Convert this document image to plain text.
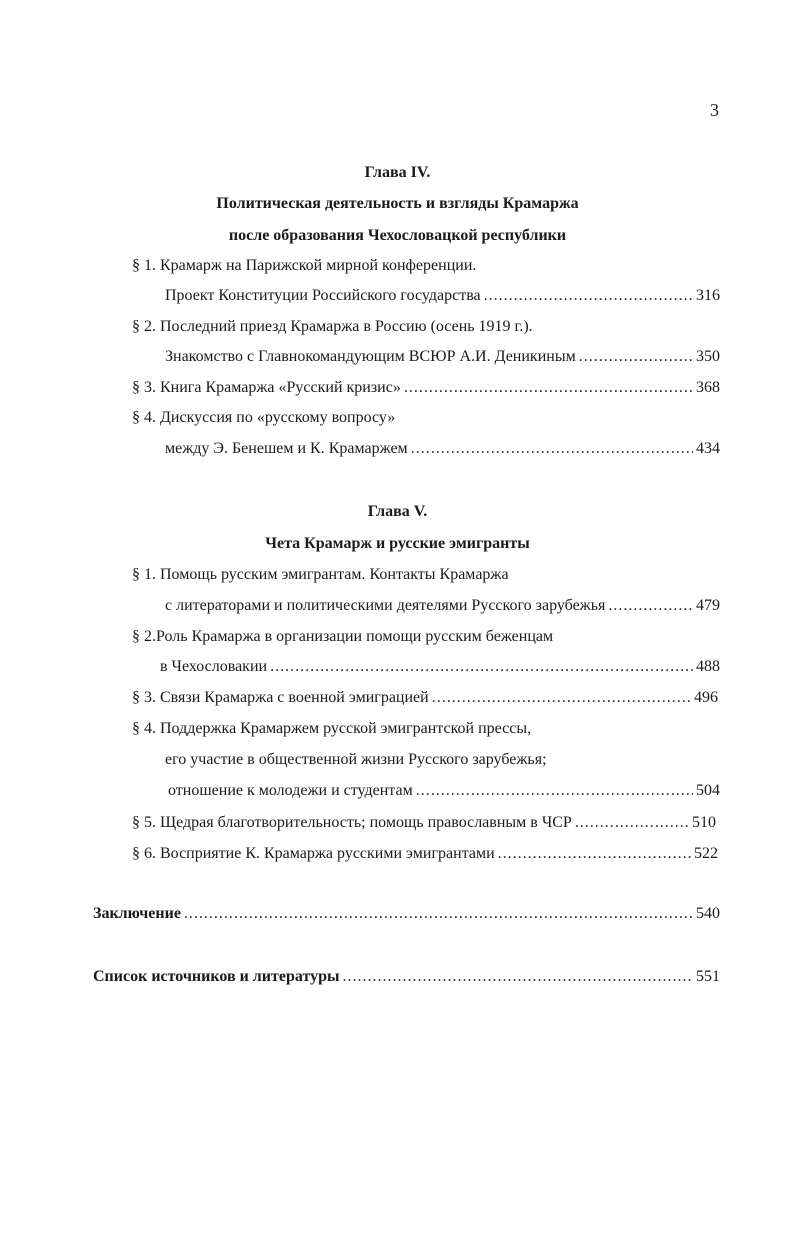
3
Глава IV.
Политическая деятельность и взгляды Крамаржа
после образования Чехословацкой республики
§ 1. Крамарж на Парижской мирной конференции.
Проект Конституции Российского государства .....	316
§ 2. Последний приезд Крамаржа в Россию (осень 1919 г.).
Знакомство с Главнокомандующим ВСЮР А.И. Деникиным .....	350
§ 3. Книга Крамаржа «Русский кризис» .....	368
§ 4. Дискуссия по «русскому вопросу»
между Э. Бенешем и К. Крамаржем .....	434
Глава V.
Чета Крамарж и русские эмигранты
§ 1. Помощь русским эмигрантам. Контакты Крамаржа
с литераторами и политическими деятелями Русского зарубежья .....	479
§ 2.Роль Крамаржа в организации помощи русским беженцам
в Чехословакии .....	488
§ 3. Связи Крамаржа с военной эмиграцией .....	496
§ 4. Поддержка Крамаржем русской эмигрантской прессы,
его участие в общественной жизни Русского зарубежья;
отношение к молодежи и студентам .....	504
§ 5. Щедрая благотворительность; помощь православным в ЧСР .....	510
§ 6. Восприятие К. Крамаржа русскими эмигрантами .....	522
Заключение .....	540
Список источников и литературы .....	551
